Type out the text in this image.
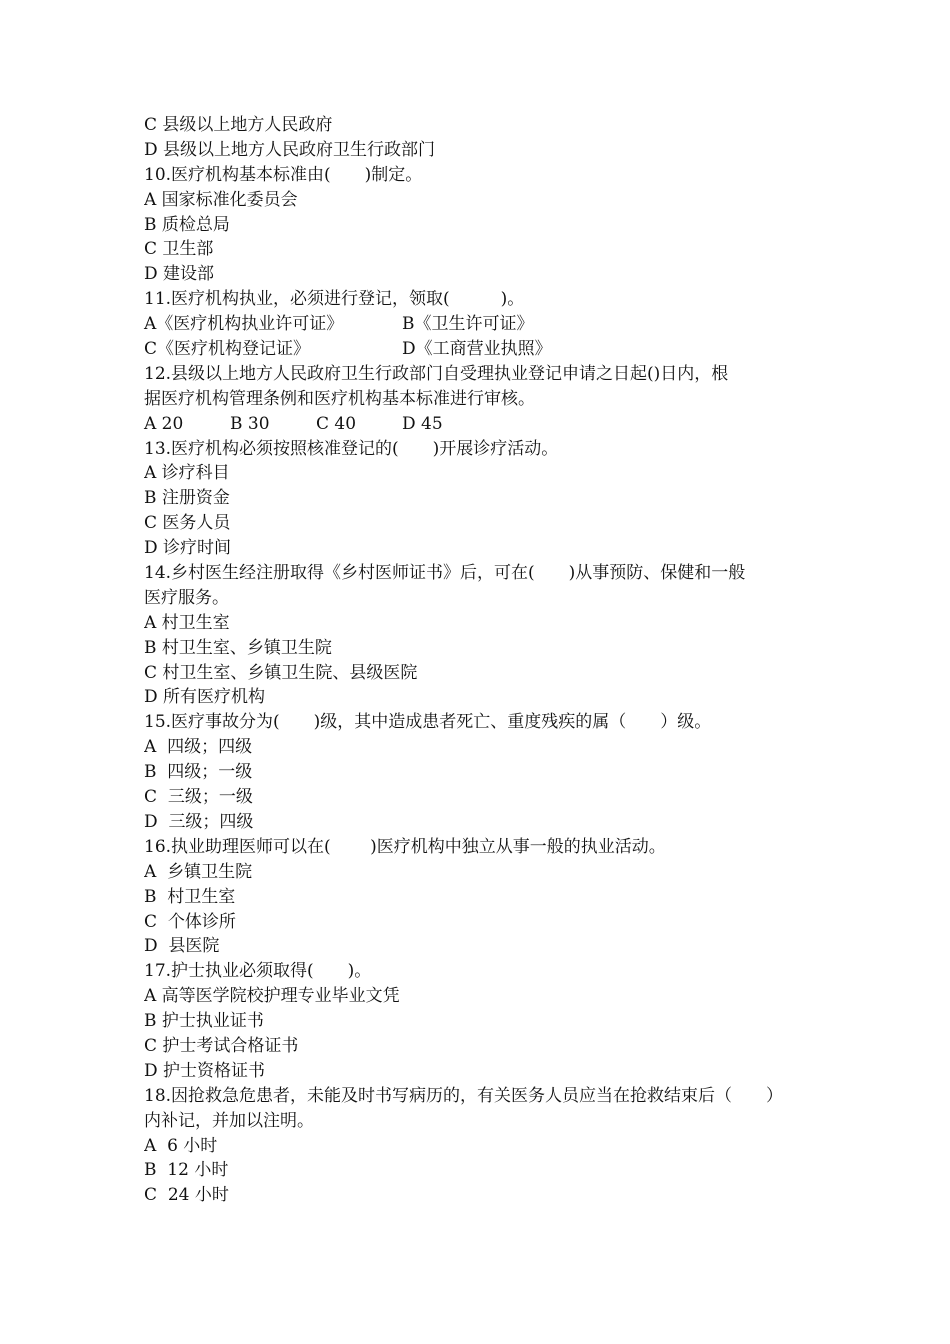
C 县级以上地方人民政府
D 县级以上地方人民政府卫生行政部门
10.医疗机构基本标准由(　　)制定。
A 国家标准化委员会
B 质检总局
C 卫生部
D 建设部
11.医疗机构执业，必须进行登记，领取(　　　)。
A《医疗机构执业许可证》	B《卫生许可证》
C《医疗机构登记证》	D《工商营业执照》
12.县级以上地方人民政府卫生行政部门自受理执业登记申请之日起()日内，根
据医疗机构管理条例和医疗机构基本标准进行审核。
A 20	B 30	C 40	D 45
13.医疗机构必须按照核准登记的(　　)开展诊疗活动。
A 诊疗科目
B 注册资金
C 医务人员
D 诊疗时间
14.乡村医生经注册取得《乡村医师证书》后，可在(　　)从事预防、保健和一般
医疗服务。
A 村卫生室
B 村卫生室、乡镇卫生院
C 村卫生室、乡镇卫生院、县级医院
D 所有医疗机构
15.医疗事故分为(　　)级，其中造成患者死亡、重度残疾的属（　　）级。
A  四级；四级
B  四级；一级
C  三级；一级
D  三级；四级
16.执业助理医师可以在(　　 )医疗机构中独立从事一般的执业活动。
A  乡镇卫生院
B  村卫生室
C  个体诊所
D  县医院
17.护士执业必须取得(　　)。
A 高等医学院校护理专业毕业文凭
B 护士执业证书
C 护士考试合格证书
D 护士资格证书
18.因抢救急危患者，未能及时书写病历的，有关医务人员应当在抢救结束后（　　）
内补记，并加以注明。
A  6 小时
B  12 小时
C  24 小时
